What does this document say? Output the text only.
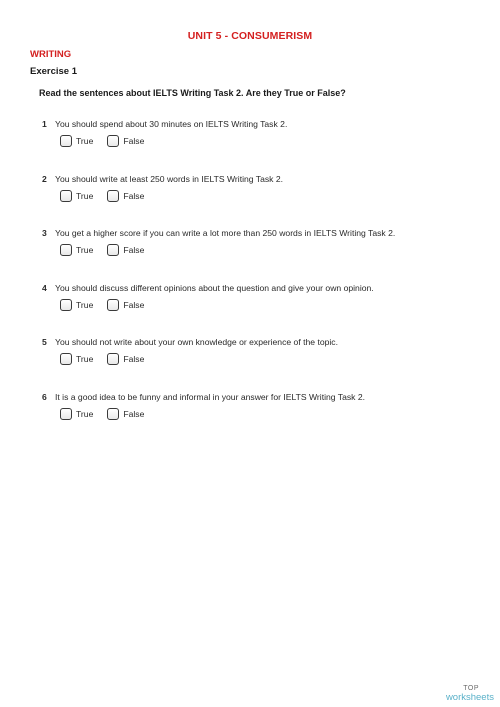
UNIT 5 - CONSUMERISM
WRITING
Exercise 1
Read the sentences about IELTS Writing Task 2. Are they True or False?
1 You should spend about 30 minutes on IELTS Writing Task 2.
True	False
2 You should write at least 250 words in IELTS Writing Task 2.
True	False
3 You get a higher score if you can write a lot more than 250 words in IELTS Writing Task 2.
True	False
4 You should discuss different opinions about the question and give your own opinion.
True	False
5 You should not write about your own knowledge or experience of the topic.
True	False
6 It is a good idea to be funny and informal in your answer for IELTS Writing Task 2.
True	False
TOP
worksheets
